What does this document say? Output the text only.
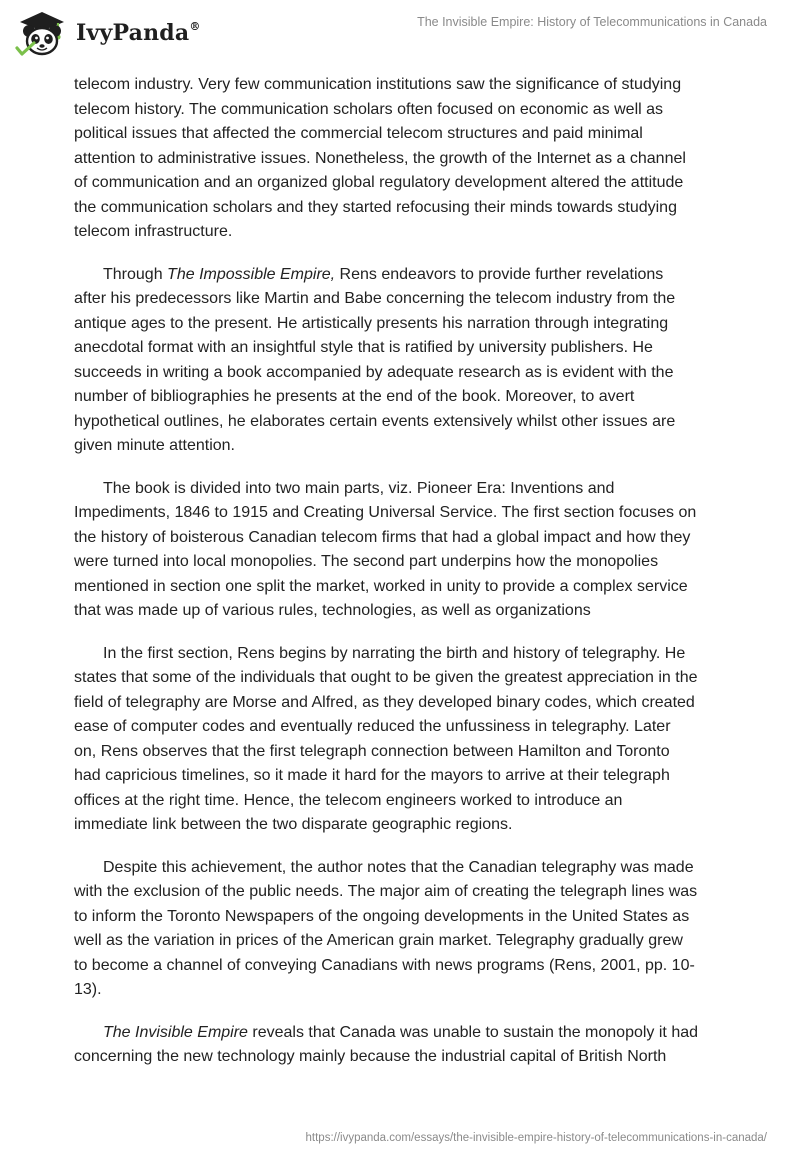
IvyPanda®	The Invisible Empire: History of Telecommunications in Canada

telecom industry. Very few communication institutions saw the significance of studying
telecom history. The communication scholars often focused on economic as well as
political issues that affected the commercial telecom structures and paid minimal
attention to administrative issues. Nonetheless, the growth of the Internet as a channel
of communication and an organized global regulatory development altered the attitude
the communication scholars and they started refocusing their minds towards studying
telecom infrastructure.

Through The Impossible Empire, Rens endeavors to provide further revelations
after his predecessors like Martin and Babe concerning the telecom industry from the
antique ages to the present. He artistically presents his narration through integrating
anecdotal format with an insightful style that is ratified by university publishers. He
succeeds in writing a book accompanied by adequate research as is evident with the
number of bibliographies he presents at the end of the book. Moreover, to avert
hypothetical outlines, he elaborates certain events extensively whilst other issues are
given minute attention.

The book is divided into two main parts, viz. Pioneer Era: Inventions and
Impediments, 1846 to 1915 and Creating Universal Service. The first section focuses on
the history of boisterous Canadian telecom firms that had a global impact and how they
were turned into local monopolies. The second part underpins how the monopolies
mentioned in section one split the market, worked in unity to provide a complex service
that was made up of various rules, technologies, as well as organizations

In the first section, Rens begins by narrating the birth and history of telegraphy. He
states that some of the individuals that ought to be given the greatest appreciation in the
field of telegraphy are Morse and Alfred, as they developed binary codes, which created
ease of computer codes and eventually reduced the unfussiness in telegraphy. Later
on, Rens observes that the first telegraph connection between Hamilton and Toronto
had capricious timelines, so it made it hard for the mayors to arrive at their telegraph
offices at the right time. Hence, the telecom engineers worked to introduce an
immediate link between the two disparate geographic regions.

Despite this achievement, the author notes that the Canadian telegraphy was made
with the exclusion of the public needs. The major aim of creating the telegraph lines was
to inform the Toronto Newspapers of the ongoing developments in the United States as
well as the variation in prices of the American grain market. Telegraphy gradually grew
to become a channel of conveying Canadians with news programs (Rens, 2001, pp. 10-
13).

The Invisible Empire reveals that Canada was unable to sustain the monopoly it had
concerning the new technology mainly because the industrial capital of British North

https://ivypanda.com/essays/the-invisible-empire-history-of-telecommunications-in-canada/
